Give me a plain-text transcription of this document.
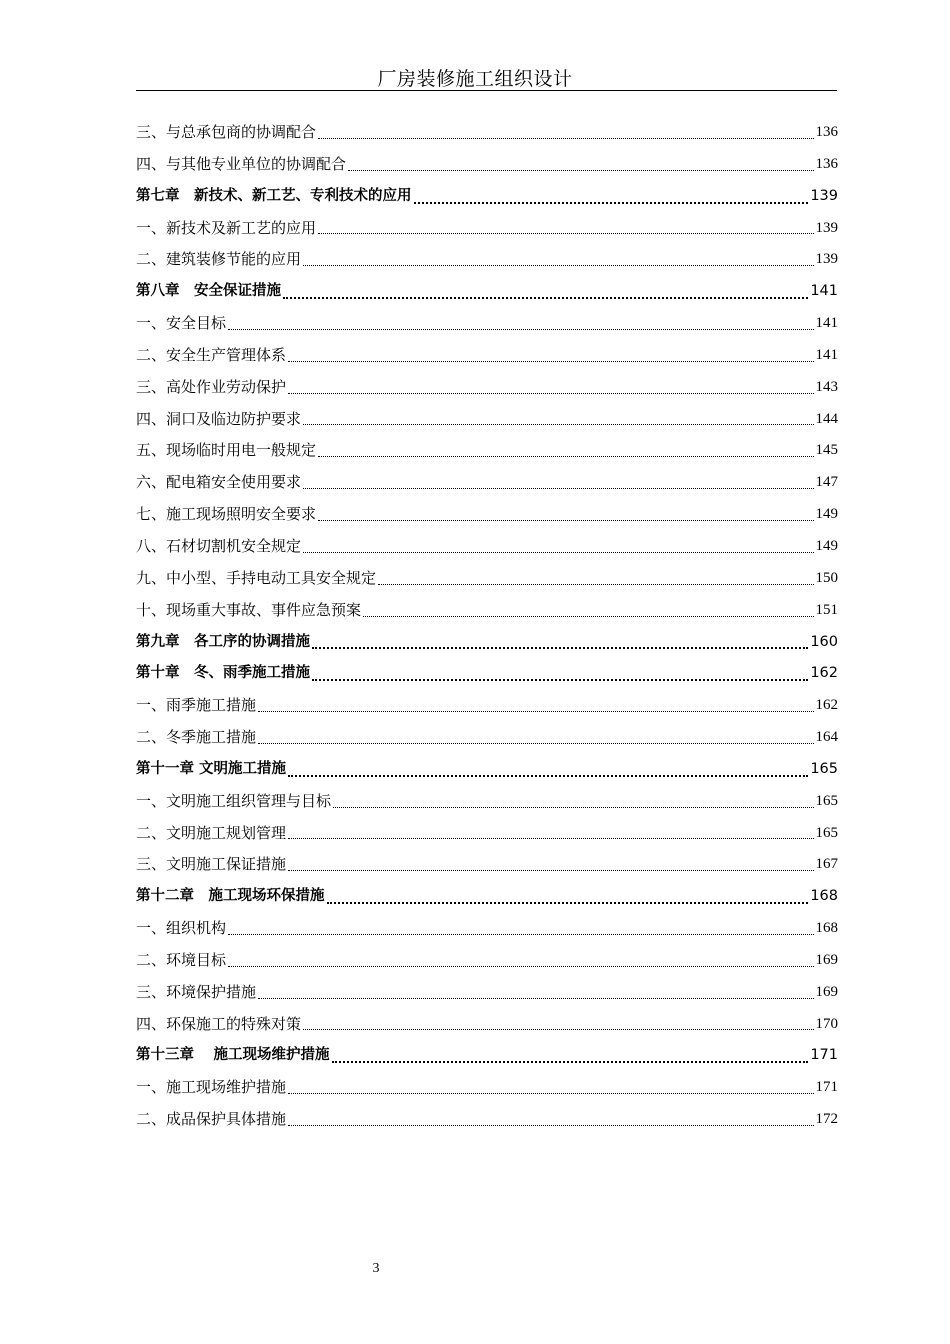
厂房装修施工组织设计
三、与总承包商的协调配合	136
四、与其他专业单位的协调配合	136
第七章　新技术、新工艺、专利技术的应用	139
一、新技术及新工艺的应用	139
二、建筑装修节能的应用	139
第八章　安全保证措施	141
一、安全目标	141
二、安全生产管理体系	141
三、高处作业劳动保护	143
四、洞口及临边防护要求	144
五、现场临时用电一般规定	145
六、配电箱安全使用要求	147
七、施工现场照明安全要求	149
八、石材切割机安全规定	149
九、中小型、手持电动工具安全规定	150
十、现场重大事故、事件应急预案	151
第九章　各工序的协调措施	160
第十章　冬、雨季施工措施	162
一、雨季施工措施	162
二、冬季施工措施	164
第十一章 文明施工措施	165
一、文明施工组织管理与目标	165
二、文明施工规划管理	165
三、文明施工保证措施	167
第十二章　施工现场环保措施	168
一、组织机构	168
二、环境目标	169
三、环境保护措施	169
四、环保施工的特殊对策	170
第十三章　 施工现场维护措施	171
一、施工现场维护措施	171
二、成品保护具体措施	172
3
